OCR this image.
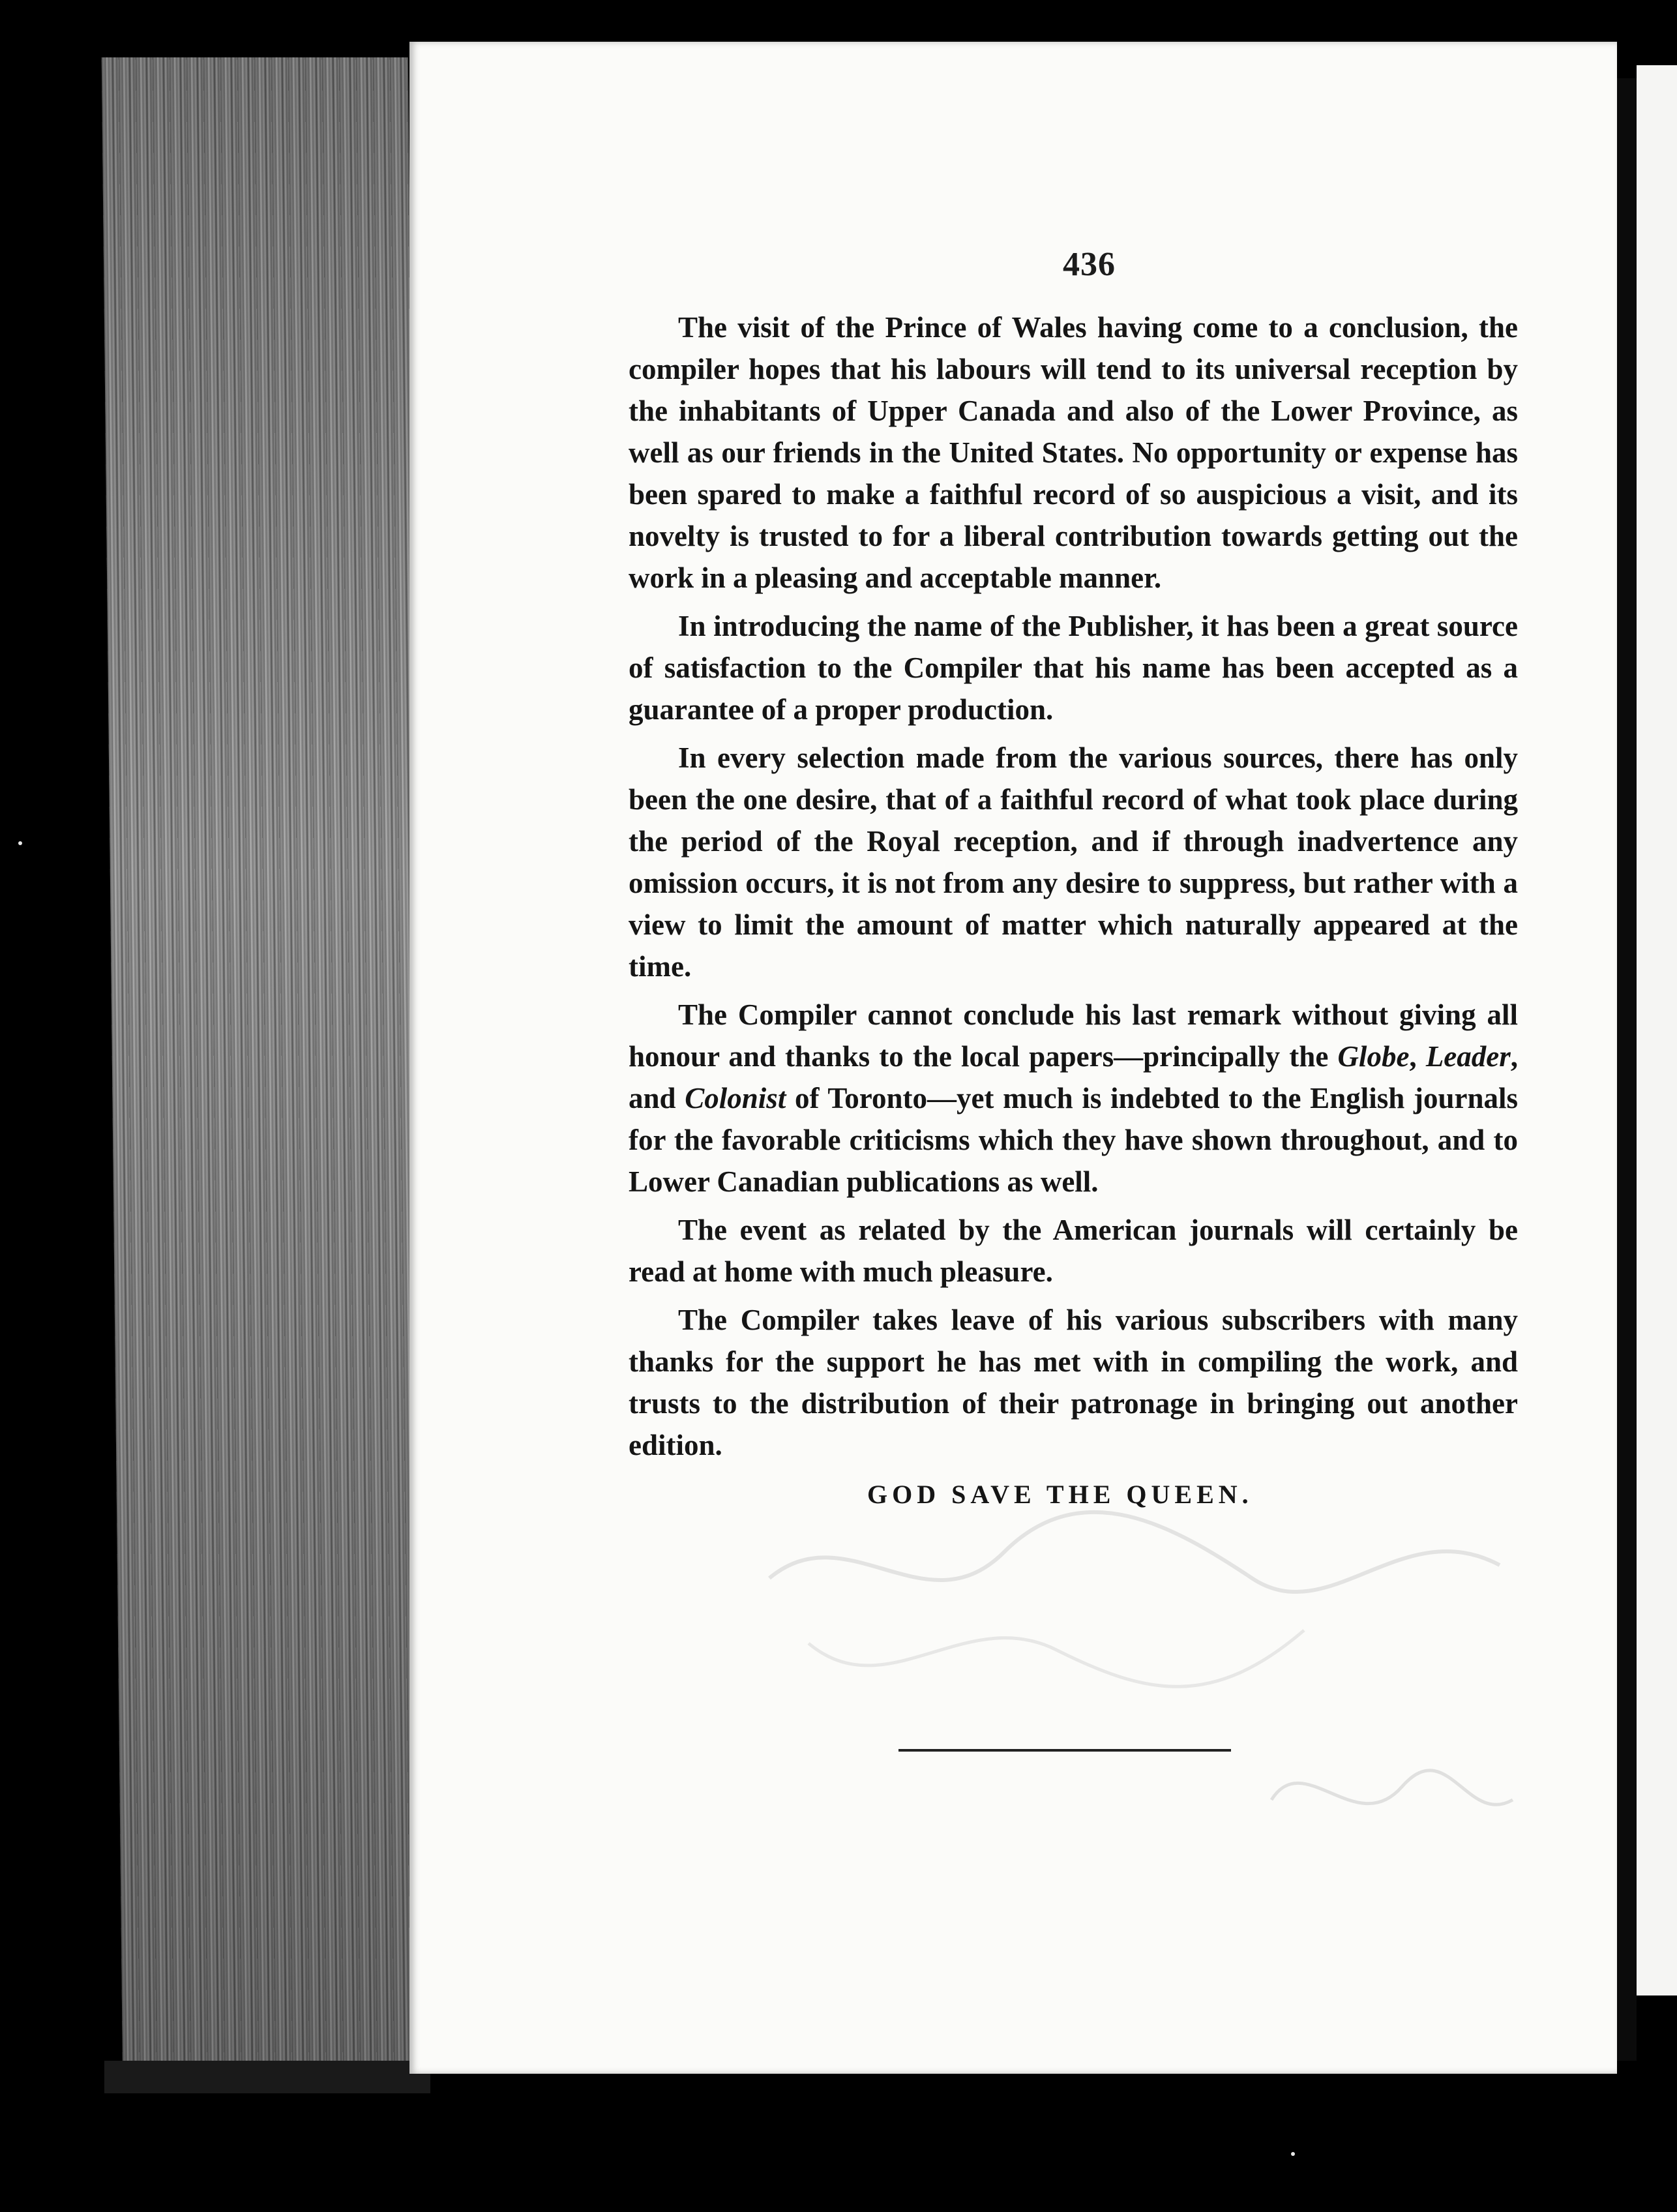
436

The visit of the Prince of Wales having come to a conclusion, the compiler hopes that his labours will tend to its universal reception by the inhabitants of Upper Canada and also of the Lower Province, as well as our friends in the United States. No opportunity or expense has been spared to make a faithful record of so auspicious a visit, and its novelty is trusted to for a liberal contribution towards getting out the work in a pleasing and acceptable manner.

In introducing the name of the Publisher, it has been a great source of satisfaction to the Compiler that his name has been accepted as a guarantee of a proper production.

In every selection made from the various sources, there has only been the one desire, that of a faithful record of what took place during the period of the Royal reception, and if through inadvertence any omission occurs, it is not from any desire to suppress, but rather with a view to limit the amount of matter which naturally appeared at the time.

The Compiler cannot conclude his last remark without giving all honour and thanks to the local papers—principally the Globe, Leader, and Colonist of Toronto—yet much is indebted to the English journals for the favorable criticisms which they have shown throughout, and to Lower Canadian publications as well.

The event as related by the American journals will certainly be read at home with much pleasure.

The Compiler takes leave of his various subscribers with many thanks for the support he has met with in compiling the work, and trusts to the distribution of their patronage in bringing out another edition.

GOD SAVE THE QUEEN.
